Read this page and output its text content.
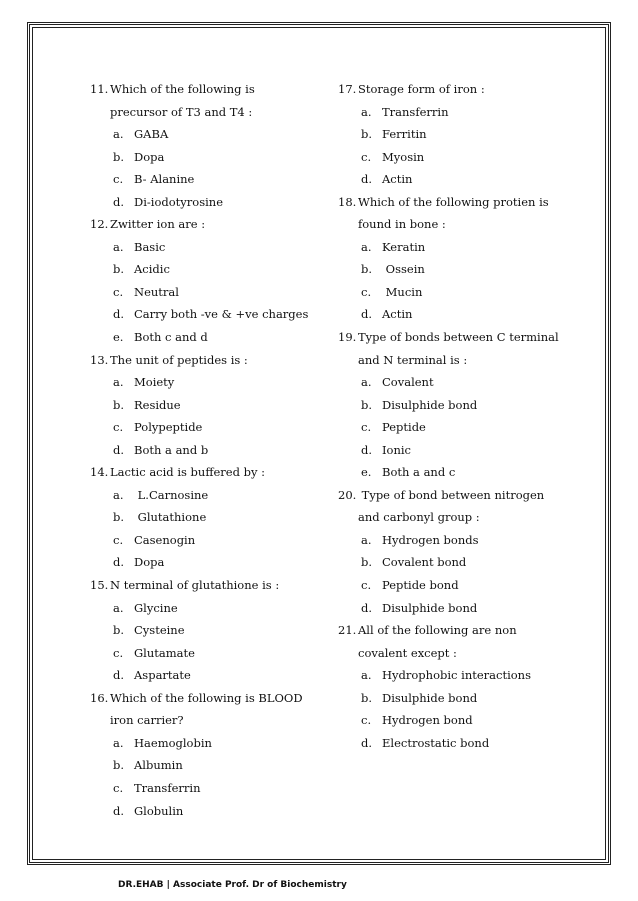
11. Which of the following is
precursor of T3 and T4 :
a. GABA
b. Dopa
c. B- Alanine
d. Di-iodotyrosine
12. Zwitter ion are :
a. Basic
b. Acidic
c. Neutral
d. Carry both -ve & +ve charges
e. Both c and d
13. The unit of peptides is :
a. Moiety
b. Residue
c. Polypeptide
d. Both a and b
14. Lactic acid is buffered by :
a. L.Carnosine
b. Glutathione
c. Casenogin
d. Dopa
15. N terminal of glutathione is :
a. Glycine
b. Cysteine
c. Glutamate
d. Aspartate
16. Which of the following is BLOOD
iron carrier?
a. Haemoglobin
b. Albumin
c. Transferrin
d. Globulin
17. Storage form of iron :
a. Transferrin
b. Ferritin
c. Myosin
d. Actin
18. Which of the following protien is
found in bone :
a. Keratin
b. Ossein
c. Mucin
d. Actin
19. Type of bonds between C terminal
and N terminal is :
a. Covalent
b. Disulphide bond
c. Peptide
d. Ionic
e. Both a and c
20. Type of bond between nitrogen
and carbonyl group :
a. Hydrogen bonds
b. Covalent bond
c. Peptide bond
d. Disulphide bond
21. All of the following are non
covalent except :
a. Hydrophobic interactions
b. Disulphide bond
c. Hydrogen bond
d. Electrostatic bond
DR.EHAB | Associate Prof. Dr of Biochemistry
